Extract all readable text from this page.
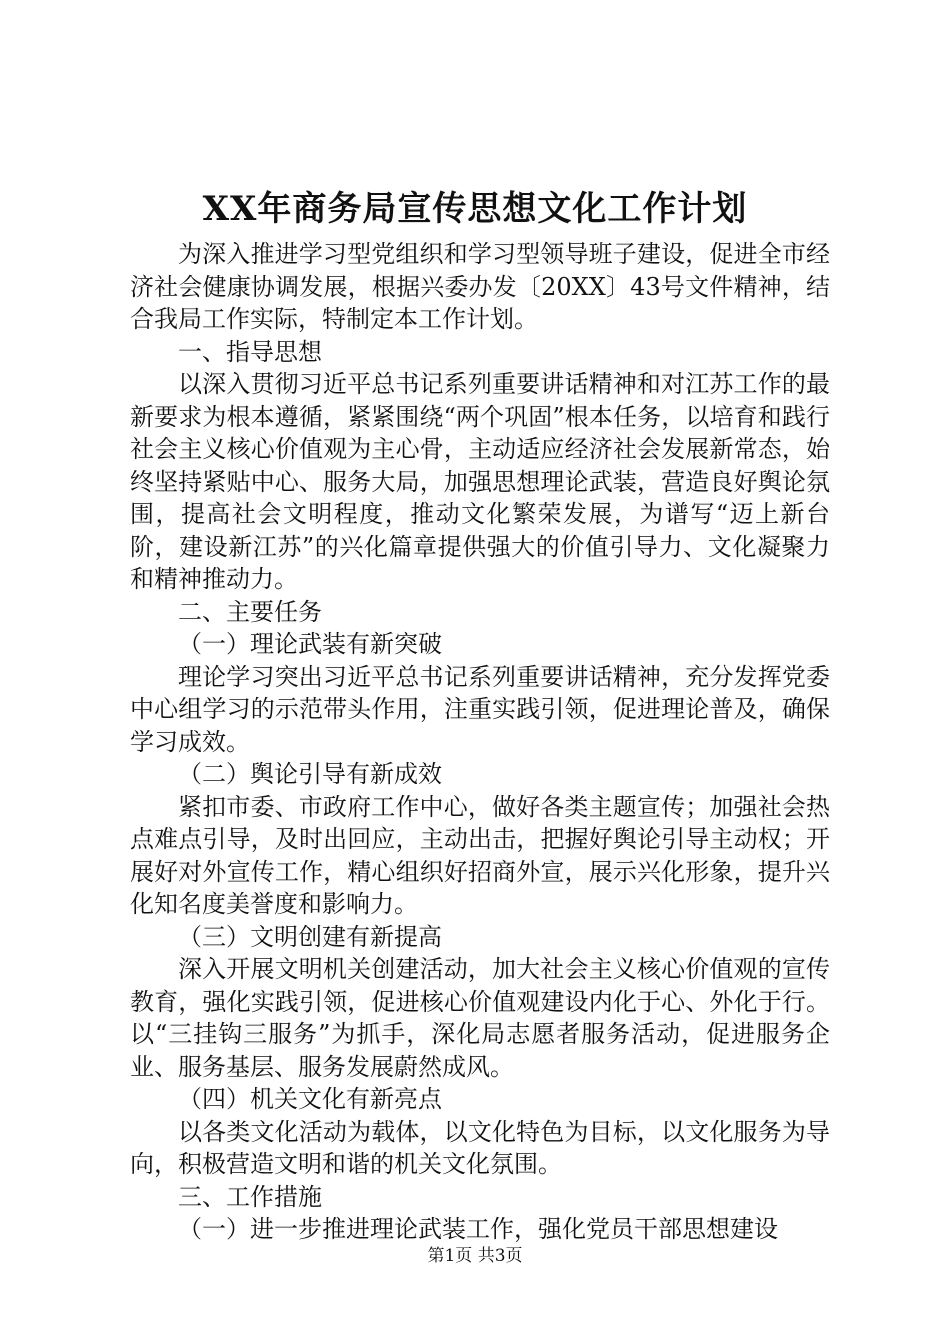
XX年商务局宣传思想文化工作计划

为深入推进学习型党组织和学习型领导班子建设，促进全市经济社会健康协调发展，根据兴委办发〔20XX〕43号文件精神，结合我局工作实际，特制定本工作计划。

一、指导思想

以深入贯彻习近平总书记系列重要讲话精神和对江苏工作的最新要求为根本遵循，紧紧围绕“两个巩固”根本任务，以培育和践行社会主义核心价值观为主心骨，主动适应经济社会发展新常态，始终坚持紧贴中心、服务大局，加强思想理论武装，营造良好舆论氛围，提高社会文明程度，推动文化繁荣发展，为谱写“迈上新台阶，建设新江苏”的兴化篇章提供强大的价值引导力、文化凝聚力和精神推动力。

二、主要任务

（一）理论武装有新突破

理论学习突出习近平总书记系列重要讲话精神，充分发挥党委中心组学习的示范带头作用，注重实践引领，促进理论普及，确保学习成效。

（二）舆论引导有新成效

紧扣市委、市政府工作中心，做好各类主题宣传；加强社会热点难点引导，及时出回应，主动出击，把握好舆论引导主动权；开展好对外宣传工作，精心组织好招商外宣，展示兴化形象，提升兴化知名度美誉度和影响力。

（三）文明创建有新提高

深入开展文明机关创建活动，加大社会主义核心价值观的宣传教育，强化实践引领，促进核心价值观建设内化于心、外化于行。以“三挂钩三服务”为抓手，深化局志愿者服务活动，促进服务企业、服务基层、服务发展蔚然成风。

（四）机关文化有新亮点

以各类文化活动为载体，以文化特色为目标，以文化服务为导向，积极营造文明和谐的机关文化氛围。

三、工作措施

（一）进一步推进理论武装工作，强化党员干部思想建设

第1页 共3页
